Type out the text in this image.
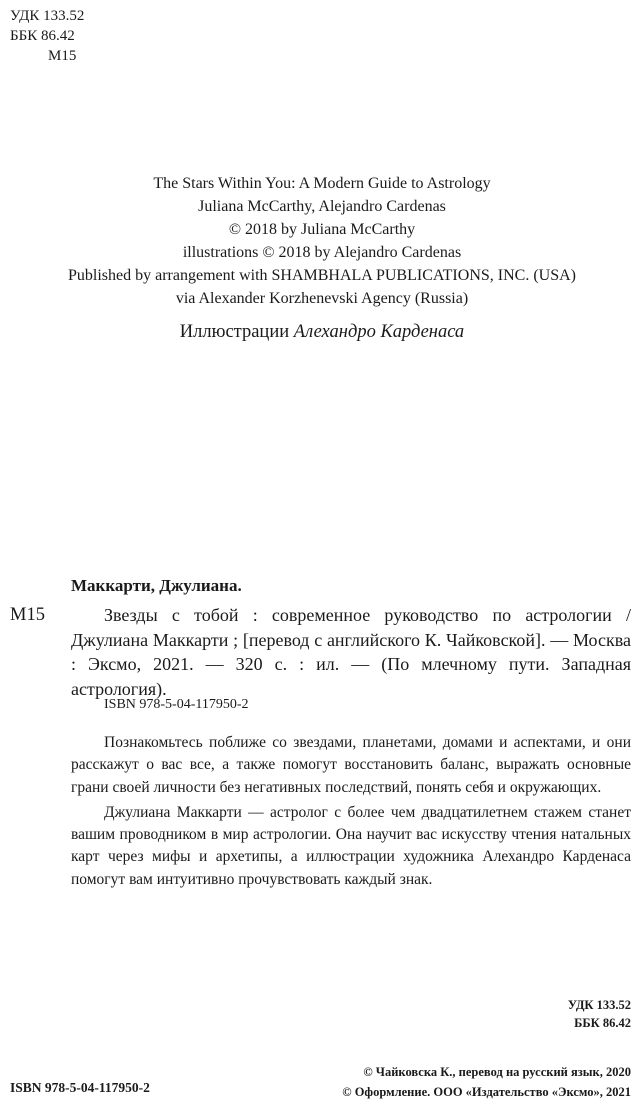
УДК 133.52
ББК 86.42
М15
The Stars Within You: A Modern Guide to Astrology
Juliana McCarthy, Alejandro Cardenas
© 2018 by Juliana McCarthy
illustrations © 2018 by Alejandro Cardenas
Published by arrangement with SHAMBHALA PUBLICATIONS, INC. (USA)
via Alexander Korzhenevski Agency (Russia)
Иллюстрации Алехандро Карденаса
Маккарти, Джулиана.
М15	Звезды с тобой : современное руководство по астрологии / Джулиана Маккарти ; [перевод с английского К. Чайковской]. — Москва : Эксмо, 2021. — 320 с. : ил. — (По млечному пути. Западная астрология).
ISBN 978-5-04-117950-2

Познакомьтесь поближе со звездами, планетами, домами и аспектами, и они расскажут о вас все, а также помогут восстановить баланс, выражать основные грани своей личности без негативных последствий, понять себя и окружающих.

Джулиана Маккарти — астролог с более чем двадцатилетнем стажем станет вашим проводником в мир астрологии. Она научит вас искусству чтения натальных карт через мифы и архетипы, а иллюстрации художника Алехандро Карденаса помогут вам интуитивно прочувствовать каждый знак.

УДК 133.52
ББК 86.42
© Чайковска К., перевод на русский язык, 2020
© Оформление. ООО «Издательство «Эксмо», 2021
ISBN 978-5-04-117950-2
